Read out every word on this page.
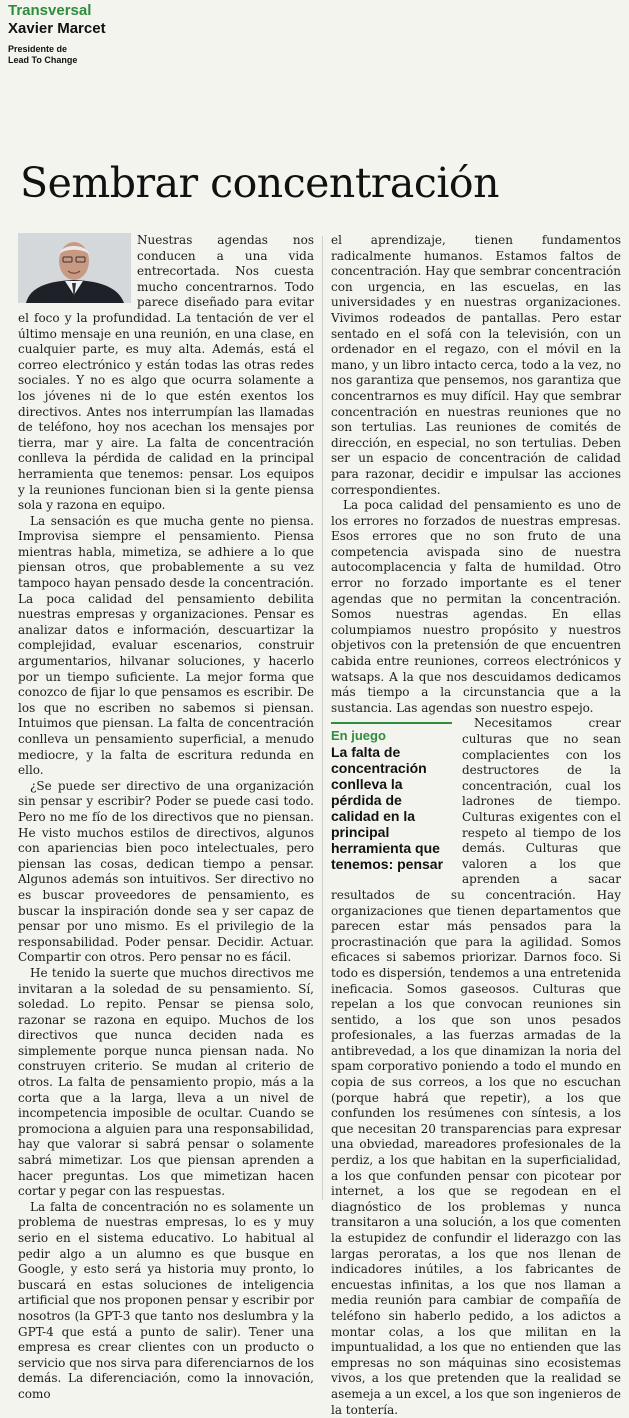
Transversal
Xavier Marcet
Presidente de
Lead To Change
Sembrar concentración

Nuestras agendas nos conducen a una vida entrecortada. Nos cuesta mucho concentrarnos. Todo parece diseñado para evitar el foco y la profundidad. La tentación de ver el último mensaje en una reunión, en una clase, en cualquier parte, es muy alta. Además, está el correo electrónico y están todas las otras redes sociales. Y no es algo que ocurra solamente a los jóvenes ni de lo que estén exentos los directivos. Antes nos interrumpían las llamadas de teléfono, hoy nos acechan los mensajes por tierra, mar y aire. La falta de concentración conlleva la pérdida de calidad en la principal herramienta que tenemos: pensar. Los equipos y la reuniones funcionan bien si la gente piensa sola y razona en equipo.

La sensación es que mucha gente no piensa. Improvisa siempre el pensamiento. Piensa mientras habla, mimetiza, se adhiere a lo que piensan otros, que probablemente a su vez tampoco hayan pensado desde la concentración. La poca calidad del pensamiento debilita nuestras empresas y organizaciones. Pensar es analizar datos e información, descuartizar la complejidad, evaluar escenarios, construir argumentarios, hilvanar soluciones, y hacerlo por un tiempo suficiente. La mejor forma que conozco de fijar lo que pensamos es escribir. De los que no escriben no sabemos si piensan. Intuimos que piensan. La falta de concentración conlleva un pensamiento superficial, a menudo mediocre, y la falta de escritura redunda en ello.

¿Se puede ser directivo de una organización sin pensar y escribir? Poder se puede casi todo. Pero no me fío de los directivos que no piensan. He visto muchos estilos de directivos, algunos con apariencias bien poco intelectuales, pero piensan las cosas, dedican tiempo a pensar. Algunos además son intuitivos. Ser directivo no es buscar proveedores de pensamiento, es buscar la inspiración donde sea y ser capaz de pensar por uno mismo. Es el privilegio de la responsabilidad. Poder pensar. Decidir. Actuar. Compartir con otros. Pero pensar no es fácil.

He tenido la suerte que muchos directivos me invitaran a la soledad de su pensamiento. Sí, soledad. Lo repito. Pensar se piensa solo, razonar se razona en equipo. Muchos de los directivos que nunca deciden nada es simplemente porque nunca piensan nada. No construyen criterio. Se mudan al criterio de otros. La falta de pensamiento propio, más a la corta que a la larga, lleva a un nivel de incompetencia imposible de ocultar. Cuando se promociona a alguien para una responsabilidad, hay que valorar si sabrá pensar o solamente sabrá mimetizar. Los que piensan aprenden a hacer preguntas. Los que mimetizan hacen cortar y pegar con las respuestas.

La falta de concentración no es solamente un problema de nuestras empresas, lo es y muy serio en el sistema educativo. Lo habitual al pedir algo a un alumno es que busque en Google, y esto será ya historia muy pronto, lo buscará en estas soluciones de inteligencia artificial que nos proponen pensar y escribir por nosotros (la GPT-3 que tanto nos deslumbra y la GPT-4 que está a punto de salir). Tener una empresa es crear clientes con un producto o servicio que nos sirva para diferenciarnos de los demás. La diferenciación, como la innovación, como

el aprendizaje, tienen fundamentos radicalmente humanos. Estamos faltos de concentración. Hay que sembrar concentración con urgencia, en las escuelas, en las universidades y en nuestras organizaciones. Vivimos rodeados de pantallas. Pero estar sentado en el sofá con la televisión, con un ordenador en el regazo, con el móvil en la mano, y un libro intacto cerca, todo a la vez, no nos garantiza que pensemos, nos garantiza que concentrarnos es muy difícil. Hay que sembrar concentración en nuestras reuniones que no son tertulias. Las reuniones de comités de dirección, en especial, no son tertulias. Deben ser un espacio de concentración de calidad para razonar, decidir e impulsar las acciones correspondientes.

La poca calidad del pensamiento es uno de los errores no forzados de nuestras empresas. Esos errores que no son fruto de una competencia avispada sino de nuestra autocomplacencia y falta de humildad. Otro error no forzado importante es el tener agendas que no permitan la concentración. Somos nuestras agendas. En ellas columpiamos nuestro propósito y nuestros objetivos con la pretensión de que encuentren cabida entre reuniones, correos electrónicos y watsaps. A la que nos descuidamos dedicamos más tiempo a la circunstancia que a la sustancia. Las agendas son nuestro espejo.

En juego
La falta de concentración conlleva la pérdida de calidad en la principal herramienta que tenemos: pensar

Necesitamos crear culturas que no sean complacientes con los destructores de la concentración, cual los ladrones de tiempo. Culturas exigentes con el respeto al tiempo de los demás. Culturas que valoren a los que aprenden a sacar resultados de su concentración. Hay organizaciones que tienen departamentos que parecen estar más pensados para la procrastinación que para la agilidad. Somos eficaces si sabemos priorizar. Darnos foco. Si todo es dispersión, tendemos a una entretenida ineficacia. Somos gaseosos. Culturas que repelan a los que convocan reuniones sin sentido, a los que son unos pesados profesionales, a las fuerzas armadas de la antibrevedad, a los que dinamizan la noria del spam corporativo poniendo a todo el mundo en copia de sus correos, a los que no escuchan (porque habrá que repetir), a los que confunden los resúmenes con síntesis, a los que necesitan 20 transparencias para expresar una obviedad, mareadores profesionales de la perdiz, a los que habitan en la superficialidad, a los que confunden pensar con picotear por internet, a los que se regodean en el diagnóstico de los problemas y nunca transitaron a una solución, a los que comenten la estupidez de confundir el liderazgo con las largas peroratas, a los que nos llenan de indicadores inútiles, a los fabricantes de encuestas infinitas, a los que nos llaman a media reunión para cambiar de compañía de teléfono sin haberlo pedido, a los adictos a montar colas, a los que militan en la impuntualidad, a los que no entienden que las empresas no son máquinas sino ecosistemas vivos, a los que pretenden que la realidad se asemeja a un excel, a los que son ingenieros de la tontería.
